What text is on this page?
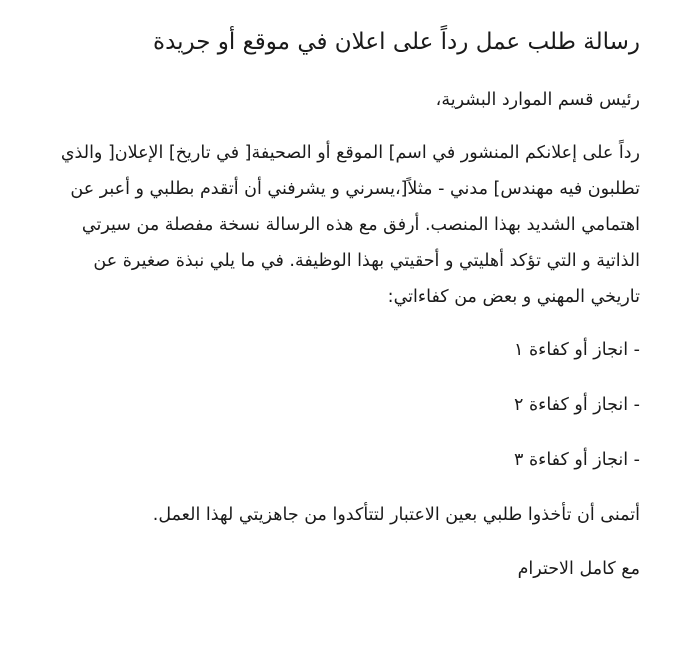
رسالة طلب عمل رداً على اعلان في موقع أو جريدة

رئيس قسم الموارد البشرية،

رداً على إعلانكم المنشور في اسم] الموقع أو الصحيفة[ في تاريخ] الإعلان[ والذي تطلبون فيه مهندس] مدني - مثلاً[،يسرني و يشرفني أن أتقدم بطلبي و أعبر عن اهتمامي الشديد بهذا المنصب. أرفق مع هذه الرسالة نسخة مفصلة من سيرتي الذاتية و التي تؤكد أهليتي و أحقيتي بهذا الوظيفة. في ما يلي نبذة صغيرة عن تاريخي المهني و بعض من كفاءاتي:

- انجاز أو كفاءة ١

- انجاز أو كفاءة ٢

- انجاز أو كفاءة ٣

أتمنى أن تأخذوا طلبي بعين الاعتبار لتتأكدوا من جاهزيتي لهذا العمل.

مع كامل الاحترام
